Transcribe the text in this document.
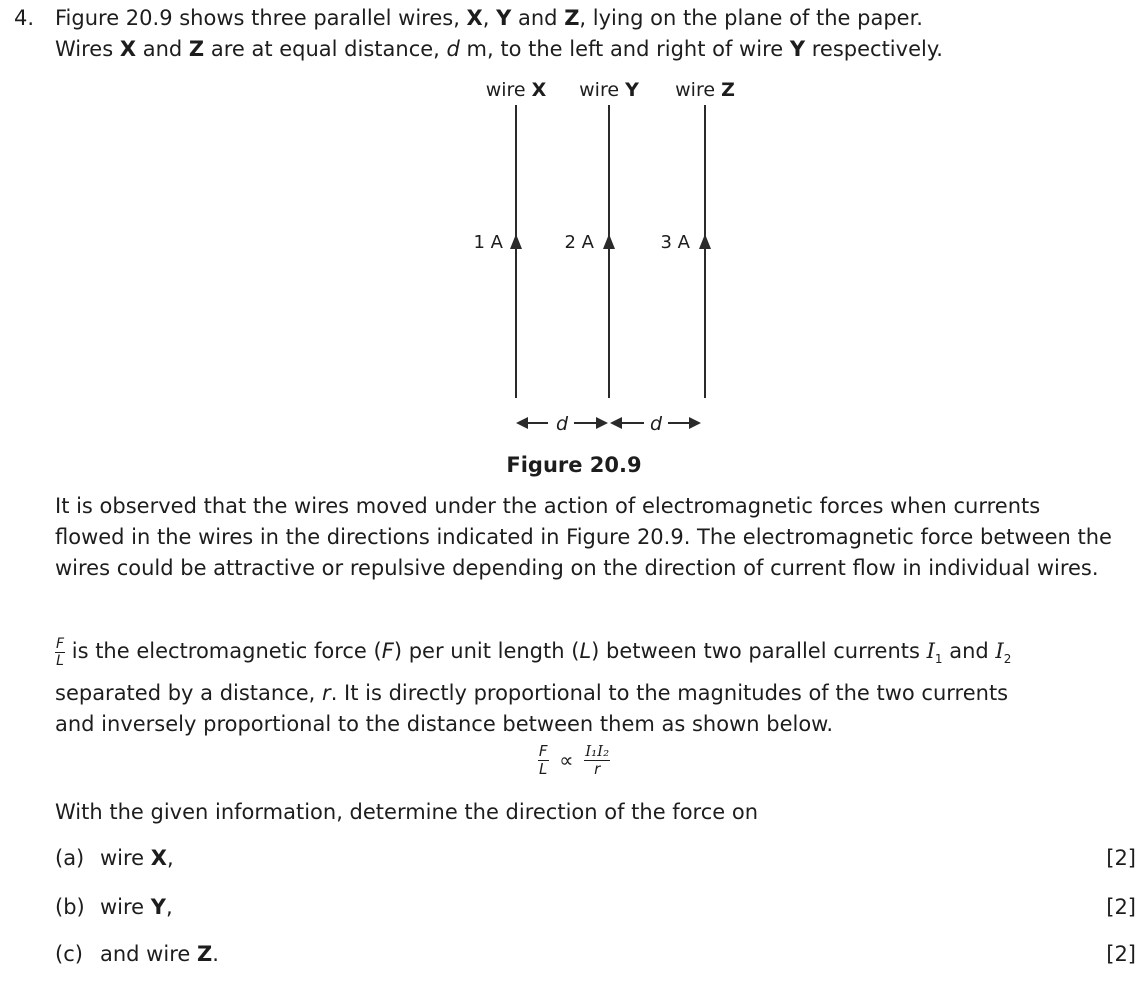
4. Figure 20.9 shows three parallel wires, X, Y and Z, lying on the plane of the paper.
Wires X and Z are at equal distance, d m, to the left and right of wire Y respectively.
wire X wire Y wire Z
1 A	2 A	3 A
d	d
Figure 20.9
It is observed that the wires moved under the action of electromagnetic forces when currents flowed in the wires in the directions indicated in Figure 20.9. The electromagnetic force between the wires could be attractive or repulsive depending on the direction of current flow in individual wires.
$\frac{F}{L}$ is the electromagnetic force (F) per unit length (L) between two parallel currents $I_1$ and $I_2$
separated by a distance, r. It is directly proportional to the magnitudes of the two currents
and inversely proportional to the distance between them as shown below.
$\frac{F}{L} \propto \frac{\text{I₁I₂}}{r}$
With the given information, determine the direction of the force on
(a) wire X,	[2]
(b) wire Y,	[2]
(c) and wire Z.	[2]
